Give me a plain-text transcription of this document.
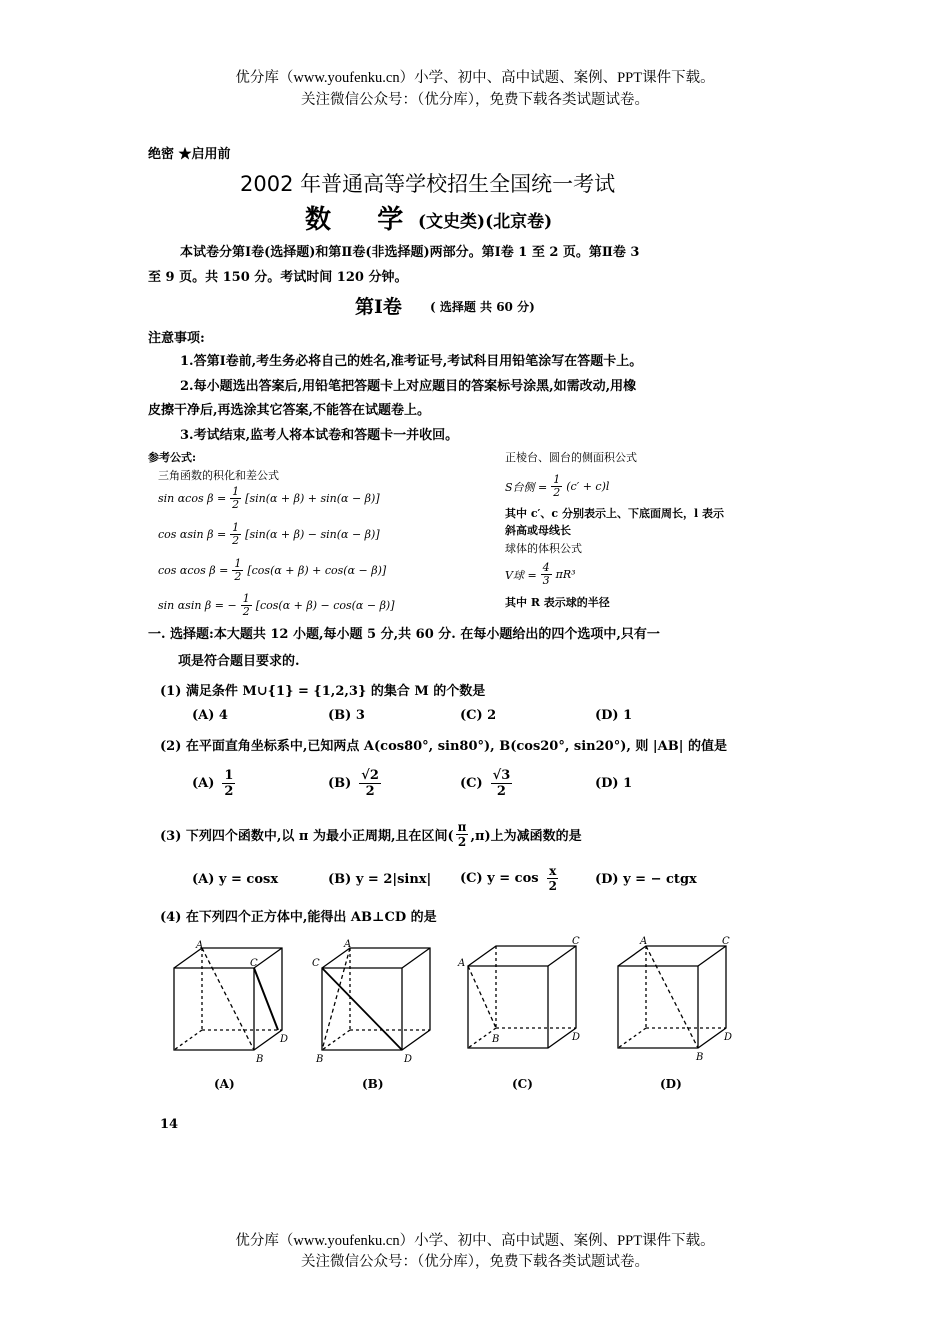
优分库（www.youfenku.cn）小学、初中、高中试题、案例、PPT课件下载。
关注微信公众号：（优分库），免费下载各类试题试卷。
绝密 ★启用前
2002 年普通高等学校招生全国统一考试
数    学 (文史类)(北京卷)
本试卷分第Ⅰ卷(选择题)和第Ⅱ卷(非选择题)两部分。第Ⅰ卷 1 至 2 页。第Ⅱ卷 3
至 9 页。共 150 分。考试时间 120 分钟。
第Ⅰ卷 ( 选择题 共 60 分)
注意事项:
1.答第Ⅰ卷前,考生务必将自己的姓名,准考证号,考试科目用铅笔涂写在答题卡上。
2.每小题选出答案后,用铅笔把答题卡上对应题目的答案标号涂黑,如需改动,用橡
皮擦干净后,再选涂其它答案,不能答在试题卷上。
3.考试结束,监考人将本试卷和答题卡一并收回。
参考公式:
三角函数的积化和差公式
sin αcos $\beta = \frac{1}{2} [\sin(\alpha + \beta) + \sin(\alpha - \beta)]$
cos αsin $\beta = \frac{1}{2} [\sin(\alpha + \beta) - \sin(\alpha - \beta)]$
cos αcos $\beta = \frac{1}{2} [\cos(\alpha + \beta) + \cos(\alpha - \beta)]$
sin αsin β = − $\frac{1}{2} [\cos(\alpha + \beta) - \cos(\alpha - \beta)]$
正棱台、圆台的侧面积公式
S台侧 = $\frac{1}{2} (c' + c)l$
其中 c′、c 分别表示上、下底面周长，l 表示
斜高或母线长
球体的体积公式
V球 = $\frac{4}{3} \pi R^3$
其中 R 表示球的半径
一. 选择题:本大题共 12 小题,每小题 5 分,共 60 分. 在每小题给出的四个选项中,只有一
项是符合题目要求的.
(1) 满足条件 M∪{1} = {1,2,3} 的集合 M 的个数是
(A) 4	(B) 3	(C) 2	(D) 1
(2) 在平面直角坐标系中,已知两点 A(cos80°, sin80°), B(cos20°, sin20°), 则 |AB| 的值是
$(A) \frac{1}{2}$	$(B) \frac{√2}{2}$	$(C) \frac{√3}{2}$	(D) 1
(3) 下列四个函数中,以 π 为最小正周期,且在区间( $\frac{\pi}{2} ,\pi$)上为减函数的是
(A) y = cosx	(B) y = 2|sinx| (C) $y = \cos \frac{x}{2}$	(D) y = − ctgx
(4) 在下列四个正方体中,能得出 AB⊥CD 的是
A
C
D
B
(A)
A
C
B	D
(B)
A
C
B	D
(C)
A	C
D
B
(D)
14
优分库（www.youfenku.cn）小学、初中、高中试题、案例、PPT课件下载。
关注微信公众号：（优分库），免费下载各类试题试卷。
